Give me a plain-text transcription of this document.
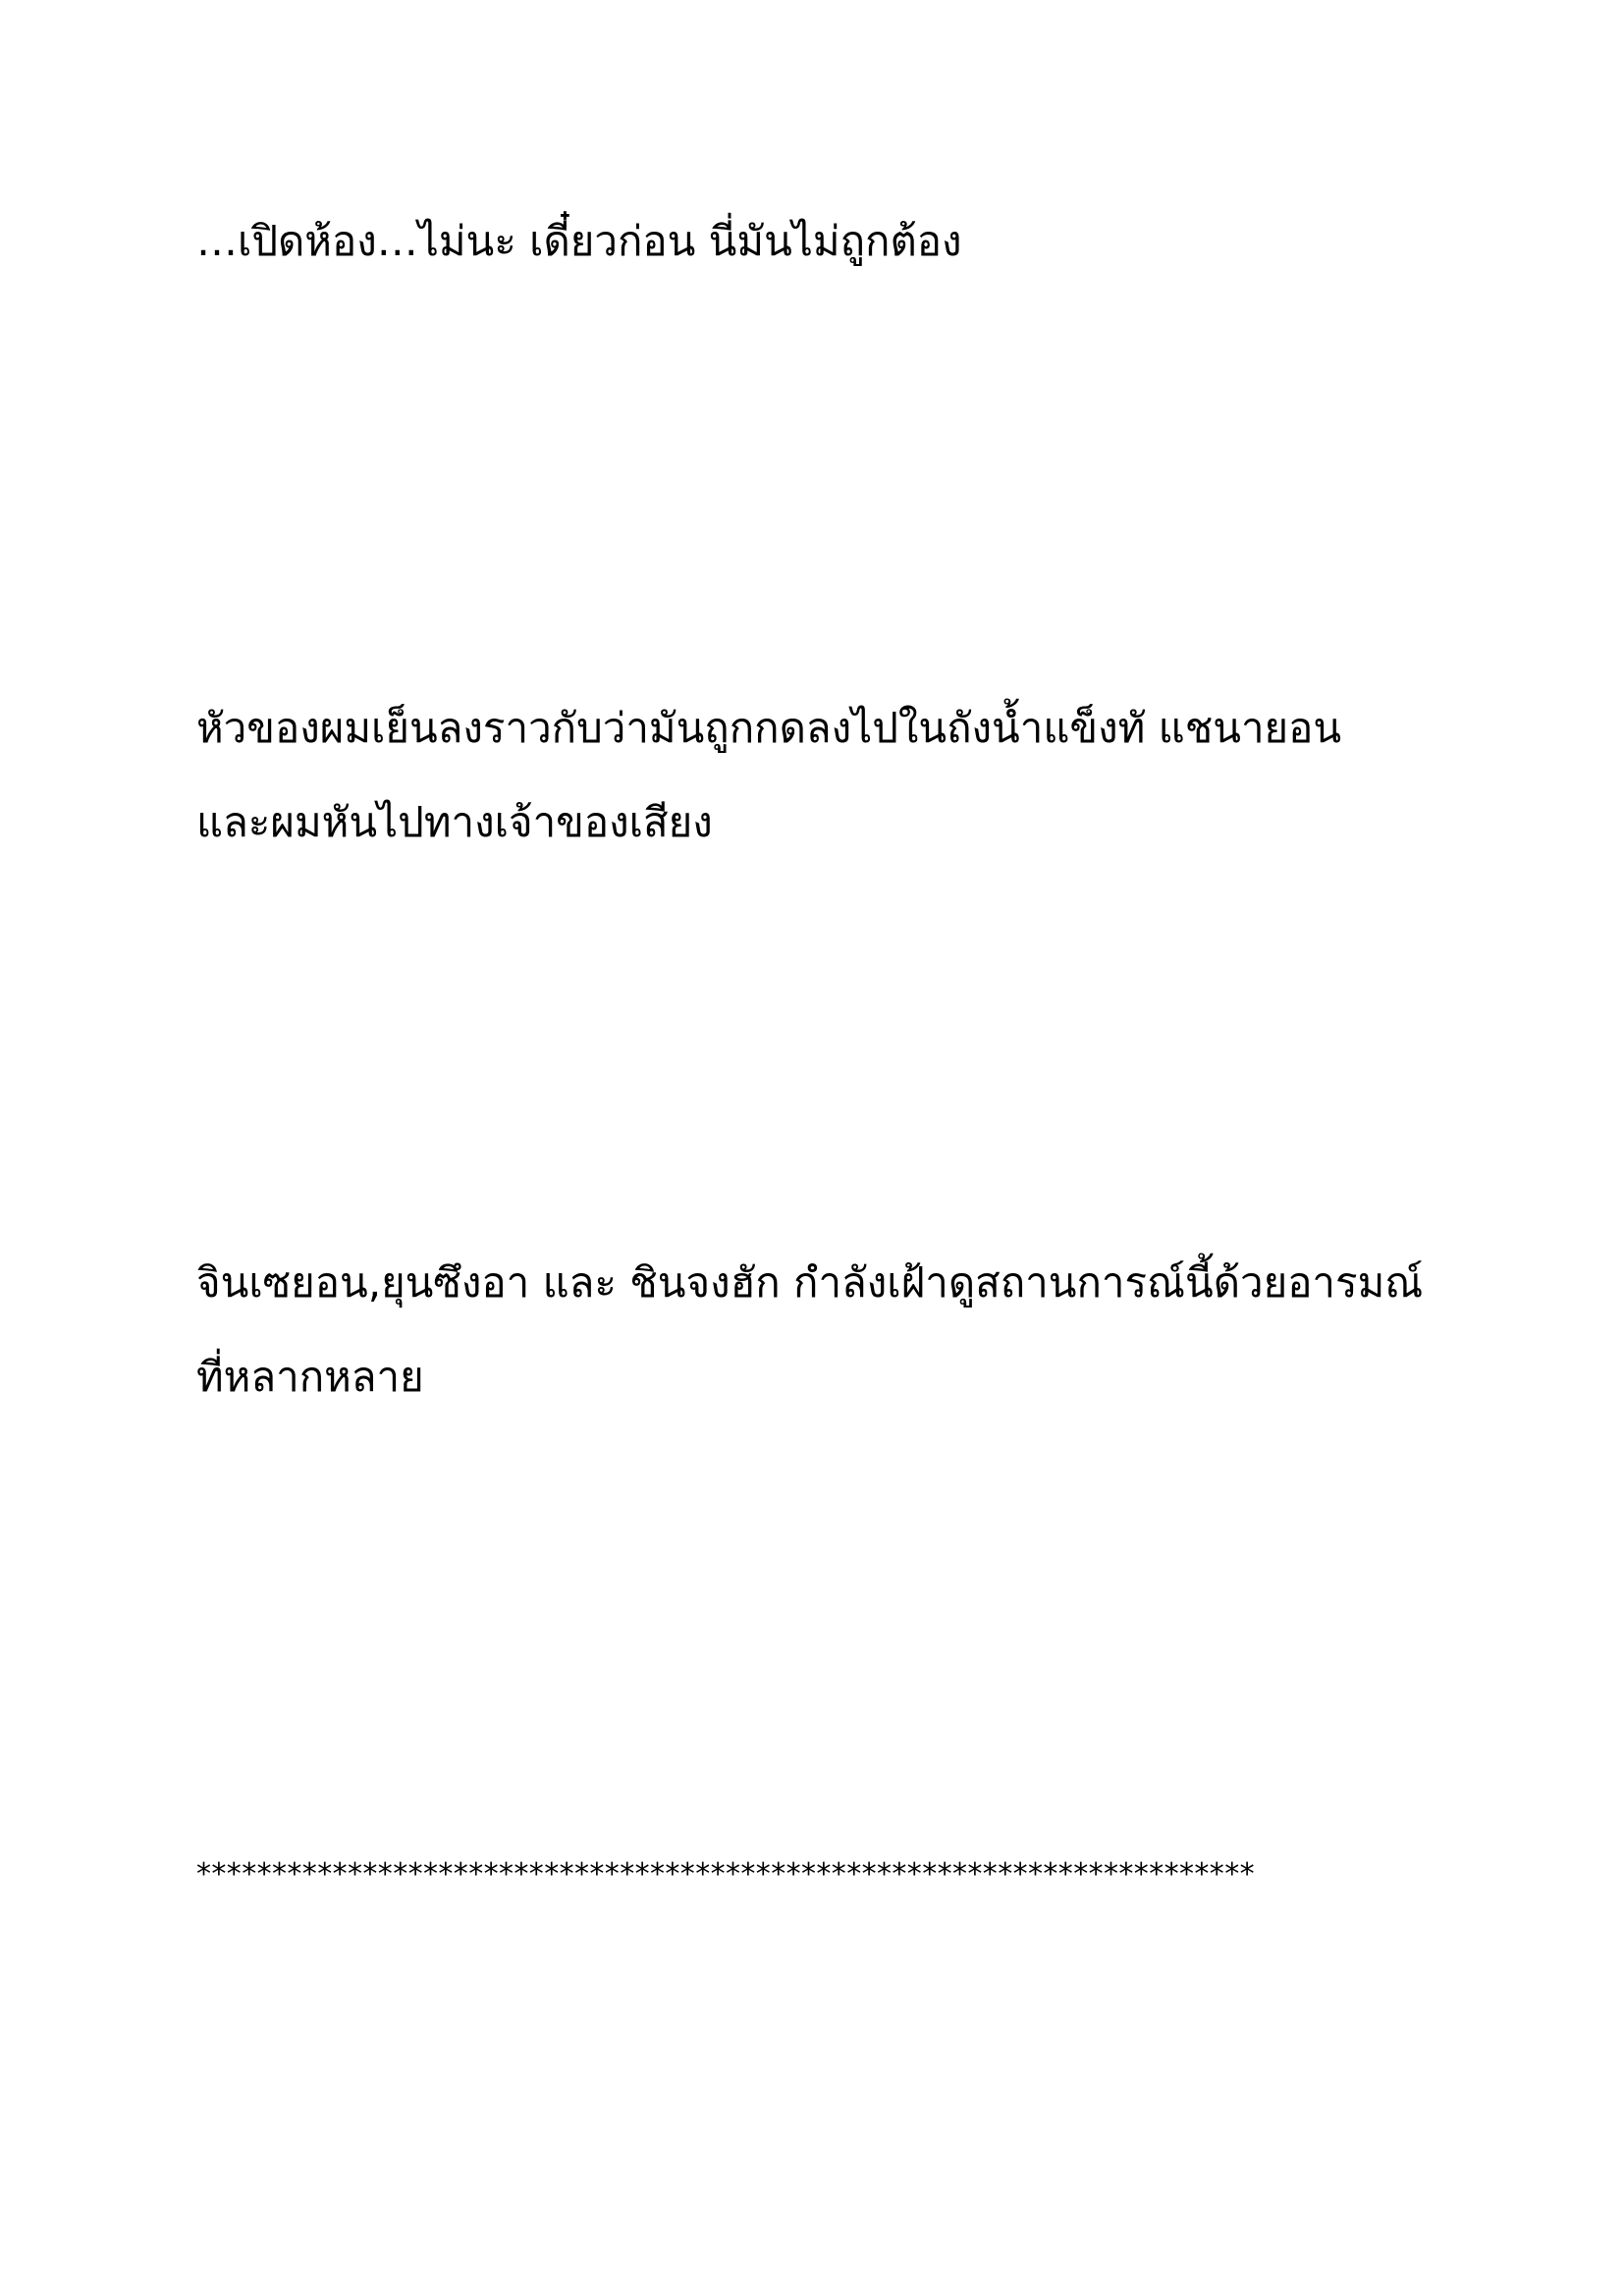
…เปิดห้อง…ไม่นะ เดี๋ยวก่อน นี่มันไม่ถูกต้อง

หัวของผมเย็นลงราวกับว่ามันถูกกดลงไปในถังน้ำแข็งทั แชนายอน
และผมหันไปทางเจ้าของเสียง

จินเซยอน,ยุนซึงอา และ ชินจงฮัก กำลังเฝ้าดูสถานการณ์นี้ด้วยอารมณ์
ที่หลากหลาย

**********************************************************************
